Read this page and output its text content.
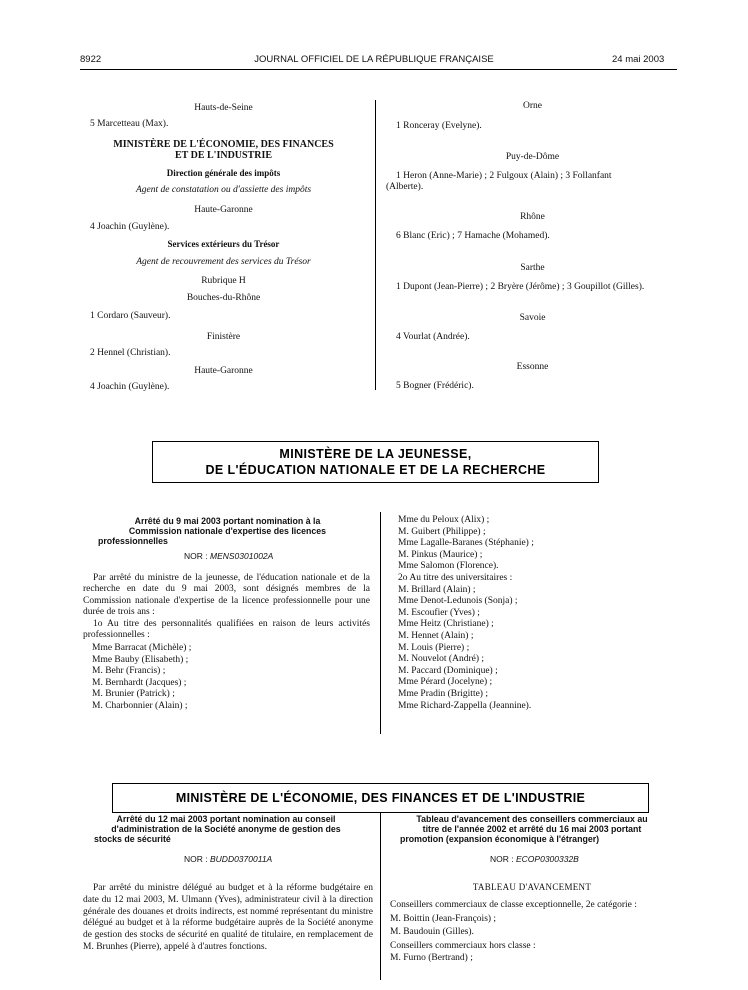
8922	JOURNAL OFFICIEL DE LA RÉPUBLIQUE FRANÇAISE	24 mai 2003
Hauts-de-Seine
5 Marcetteau (Max).
MINISTÈRE DE L'ÉCONOMIE, DES FINANCES
ET DE L'INDUSTRIE
Direction générale des impôts
Agent de constatation ou d'assiette des impôts
Haute-Garonne
4 Joachin (Guylène).
Services extérieurs du Trésor
Agent de recouvrement des services du Trésor
Rubrique H
Bouches-du-Rhône
1 Cordaro (Sauveur).
Finistère
2 Hennel (Christian).
Haute-Garonne
4 Joachin (Guylène).
Orne
1 Ronceray (Evelyne).
Puy-de-Dôme
1 Heron (Anne-Marie) ; 2 Fulgoux (Alain) ; 3 Follanfant
(Alberte).
Rhône
6 Blanc (Eric) ; 7 Hamache (Mohamed).
Sarthe
1 Dupont (Jean-Pierre) ; 2 Bryère (Jérôme) ; 3 Goupillot (Gilles).
Savoie
4 Vourlat (Andrée).
Essonne
5 Bogner (Frédéric).
MINISTÈRE DE LA JEUNESSE,
DE L'ÉDUCATION NATIONALE ET DE LA RECHERCHE
Arrêté du 9 mai 2003 portant nomination à la
Commission nationale d'expertise des licences
professionnelles
NOR : MENS0301002A
Par arrêté du ministre de la jeunesse, de l'éducation nationale et de la recherche en date du 9 mai 2003, sont désignés membres de la Commission nationale d'expertise de la licence professionnelle pour une durée de trois ans :
1o Au titre des personnalités qualifiées en raison de leurs activités professionnelles :
Mme Barracat (Michèle) ;
Mme Bauby (Elisabeth) ;
M. Behr (Francis) ;
M. Bernhardt (Jacques) ;
M. Brunier (Patrick) ;
M. Charbonnier (Alain) ;
Mme du Peloux (Alix) ;
M. Guibert (Philippe) ;
Mme Lagalle-Baranes (Stéphanie) ;
M. Pinkus (Maurice) ;
Mme Salomon (Florence).
2o Au titre des universitaires :
M. Brillard (Alain) ;
Mme Denot-Ledunois (Sonja) ;
M. Escoufier (Yves) ;
Mme Heitz (Christiane) ;
M. Hennet (Alain) ;
M. Louis (Pierre) ;
M. Nouvelot (André) ;
M. Paccard (Dominique) ;
Mme Pérard (Jocelyne) ;
Mme Pradin (Brigitte) ;
Mme Richard-Zappella (Jeannine).
MINISTÈRE DE L'ÉCONOMIE, DES FINANCES ET DE L'INDUSTRIE
Arrêté du 12 mai 2003 portant nomination au conseil
d'administration de la Société anonyme de gestion des
stocks de sécurité
NOR : BUDD0370011A
Par arrêté du ministre délégué au budget et à la réforme budgétaire en date du 12 mai 2003, M. Ulmann (Yves), administrateur civil à la direction générale des douanes et droits indirects, est nommé représentant du ministre délégué au budget et à la réforme budgétaire auprès de la Société anonyme de gestion des stocks de sécurité en qualité de titulaire, en remplacement de M. Brunhes (Pierre), appelé à d'autres fonctions.
Tableau d'avancement des conseillers commerciaux au
titre de l'année 2002 et arrêté du 16 mai 2003 portant
promotion (expansion économique à l'étranger)
NOR : ECOP0300332B
TABLEAU D'AVANCEMENT
Conseillers commerciaux de classe exceptionnelle, 2e catégorie :
M. Boittin (Jean-François) ;
M. Baudouin (Gilles).
Conseillers commerciaux hors classe :
M. Furno (Bertrand) ;
